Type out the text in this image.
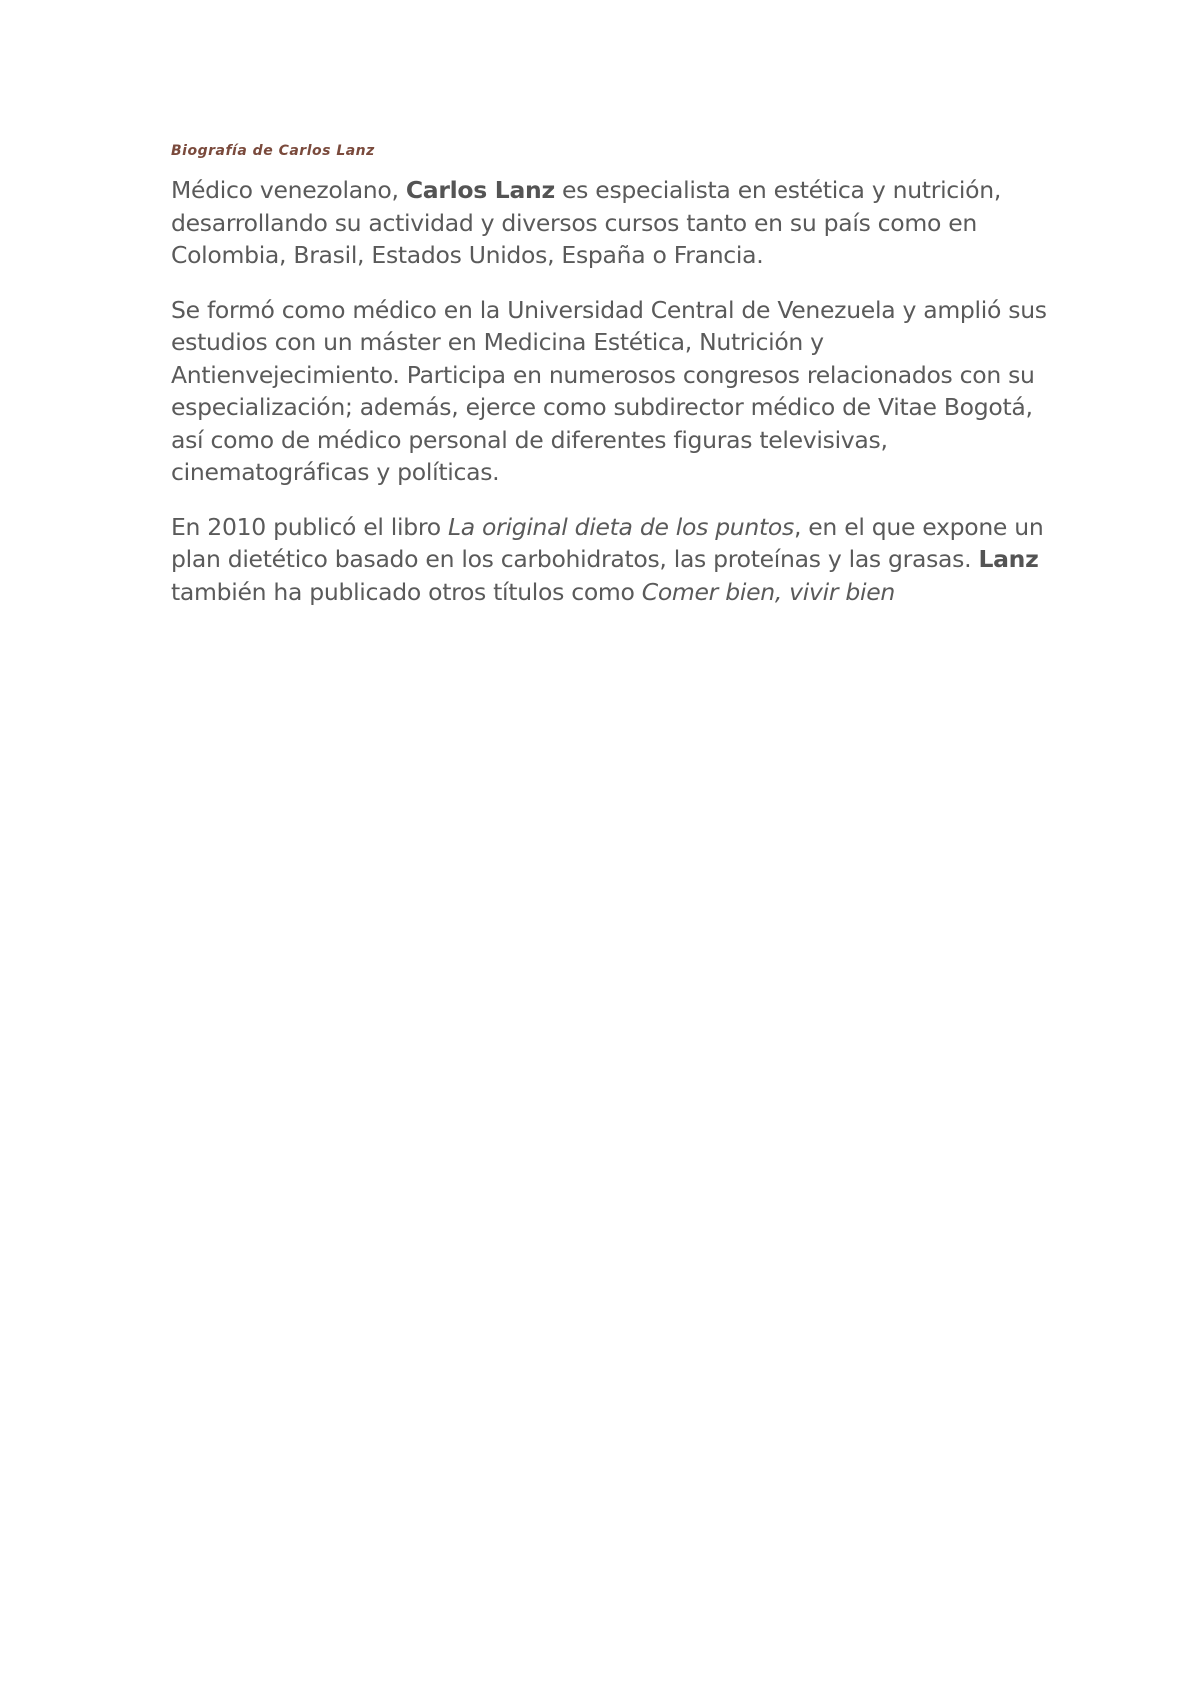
Biografía de Carlos Lanz

Médico venezolano, Carlos Lanz es especialista en estética y nutrición, desarrollando su actividad y diversos cursos tanto en su país como en Colombia, Brasil, Estados Unidos, España o Francia.

Se formó como médico en la Universidad Central de Venezuela y amplió sus estudios con un máster en Medicina Estética, Nutrición y Antienvejecimiento. Participa en numerosos congresos relacionados con su especialización; además, ejerce como subdirector médico de Vitae Bogotá, así como de médico personal de diferentes figuras televisivas, cinematográficas y políticas.

En 2010 publicó el libro La original dieta de los puntos, en el que expone un plan dietético basado en los carbohidratos, las proteínas y las grasas. Lanz también ha publicado otros títulos como Comer bien, vivir bien
